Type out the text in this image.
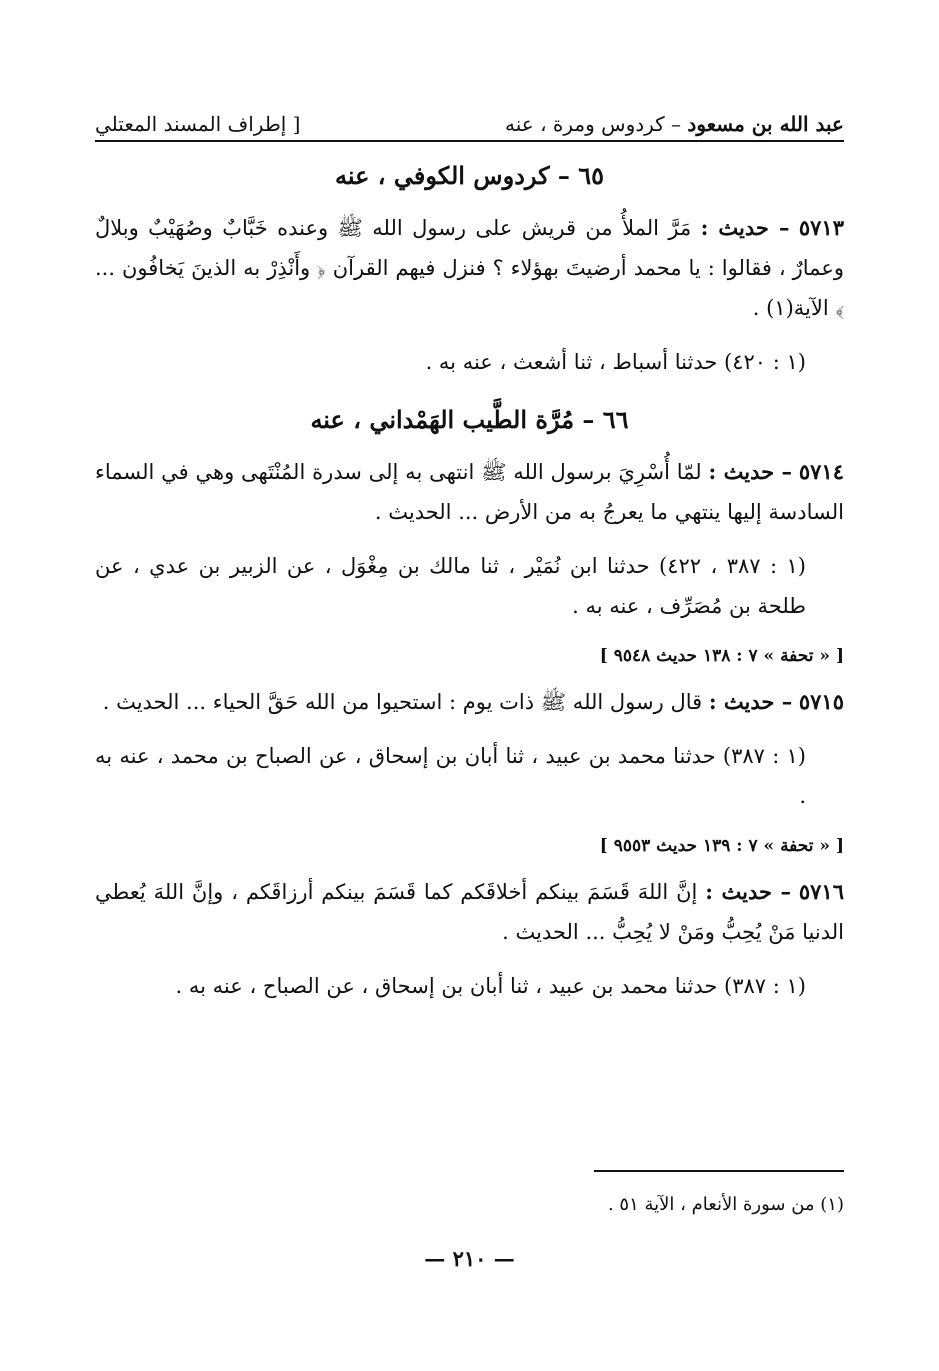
عبد الله بن مسعود – كردوس ومرة ، عنه
[ إطراف المسند المعتلي
٦٥ – كردوس الكوفي ، عنه

٥٧١٣ – حديث : مَرَّ الملأُ من قريش على رسول الله ﷺ وعنده خَبَّابٌ وصُهَيْبٌ وبلالٌ وعمارٌ ، فقالوا : يا محمد أرضيتَ بهؤلاء ؟ فنزل فيهم القرآن ﴿ وأَنْذِرْ به الذينَ يَخافُون ... ﴾ الآية(١) .

(١ : ٤٢٠) حدثنا أسباط ، ثنا أشعث ، عنه به .

٦٦ – مُرَّة الطَّيب الهَمْداني ، عنه

٥٧١٤ – حديث : لمّا أُسْرِيَ برسول الله ﷺ انتهى به إلى سدرة المُنْتَهى وهي في السماء السادسة إليها ينتهي ما يعرجُ به من الأرض ... الحديث .

(١ : ٣٨٧ ، ٤٢٢) حدثنا ابن نُمَيْر ، ثنا مالك بن مِغْوَل ، عن الزبير بن عدي ، عن طلحة بن مُصَرِّف ، عنه به .

[ « تحفة » ٧ : ١٣٨ حديث ٩٥٤٨ ]

٥٧١٥ – حديث : قال رسول الله ﷺ ذات يوم : استحيوا من الله حَقَّ الحياء ... الحديث .

(١ : ٣٨٧) حدثنا محمد بن عبيد ، ثنا أبان بن إسحاق ، عن الصباح بن محمد ، عنه به .

[ « تحفة » ٧ : ١٣٩ حديث ٩٥٥٣ ]

٥٧١٦ – حديث : إنَّ اللهَ قَسَمَ بينكم أخلاقَكم كما قَسَمَ بينكم أرزاقَكم ، وإنَّ اللهَ يُعطي الدنيا مَنْ يُحِبُّ ومَنْ لا يُحِبُّ ... الحديث .

(١ : ٣٨٧) حدثنا محمد بن عبيد ، ثنا أبان بن إسحاق ، عن الصباح ، عنه به .

(١) من سورة الأنعام ، الآية ٥١ .
— ٢١٠ —
